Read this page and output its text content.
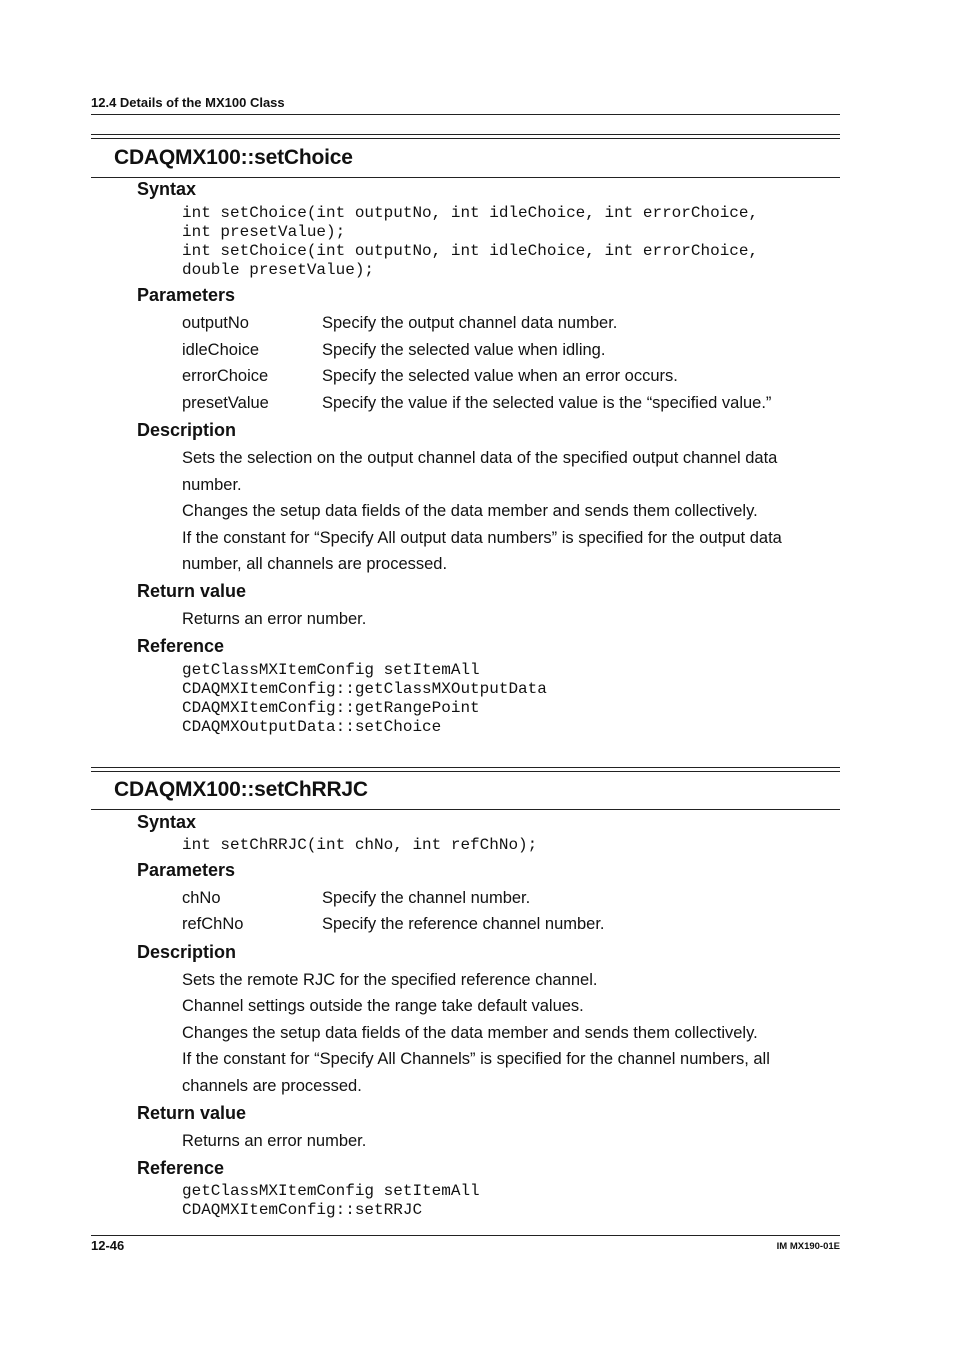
12.4 Details of the MX100 Class
CDAQMX100::setChoice
Syntax
int setChoice(int outputNo, int idleChoice, int errorChoice,
int presetValue);
int setChoice(int outputNo, int idleChoice, int errorChoice,
double presetValue);
Parameters
outputNo	Specify the output channel data number.
idleChoice	Specify the selected value when idling.
errorChoice	Specify the selected value when an error occurs.
presetValue	Specify the value if the selected value is the “specified value.”
Description
Sets the selection on the output channel data of the specified output channel data
number.
Changes the setup data fields of the data member and sends them collectively.
If the constant for “Specify All output data numbers” is specified for the output data
number, all channels are processed.
Return value
Returns an error number.
Reference
getClassMXItemConfig setItemAll
CDAQMXItemConfig::getClassMXOutputData
CDAQMXItemConfig::getRangePoint
CDAQMXOutputData::setChoice
CDAQMX100::setChRRJC
Syntax
int setChRRJC(int chNo, int refChNo);
Parameters
chNo	Specify the channel number.
refChNo	Specify the reference channel number.
Description
Sets the remote RJC for the specified reference channel.
Channel settings outside the range take default values.
Changes the setup data fields of the data member and sends them collectively.
If the constant for “Specify All Channels” is specified for the channel numbers, all
channels are processed.
Return value
Returns an error number.
Reference
getClassMXItemConfig setItemAll
CDAQMXItemConfig::setRRJC
12-46	IM MX190-01E
